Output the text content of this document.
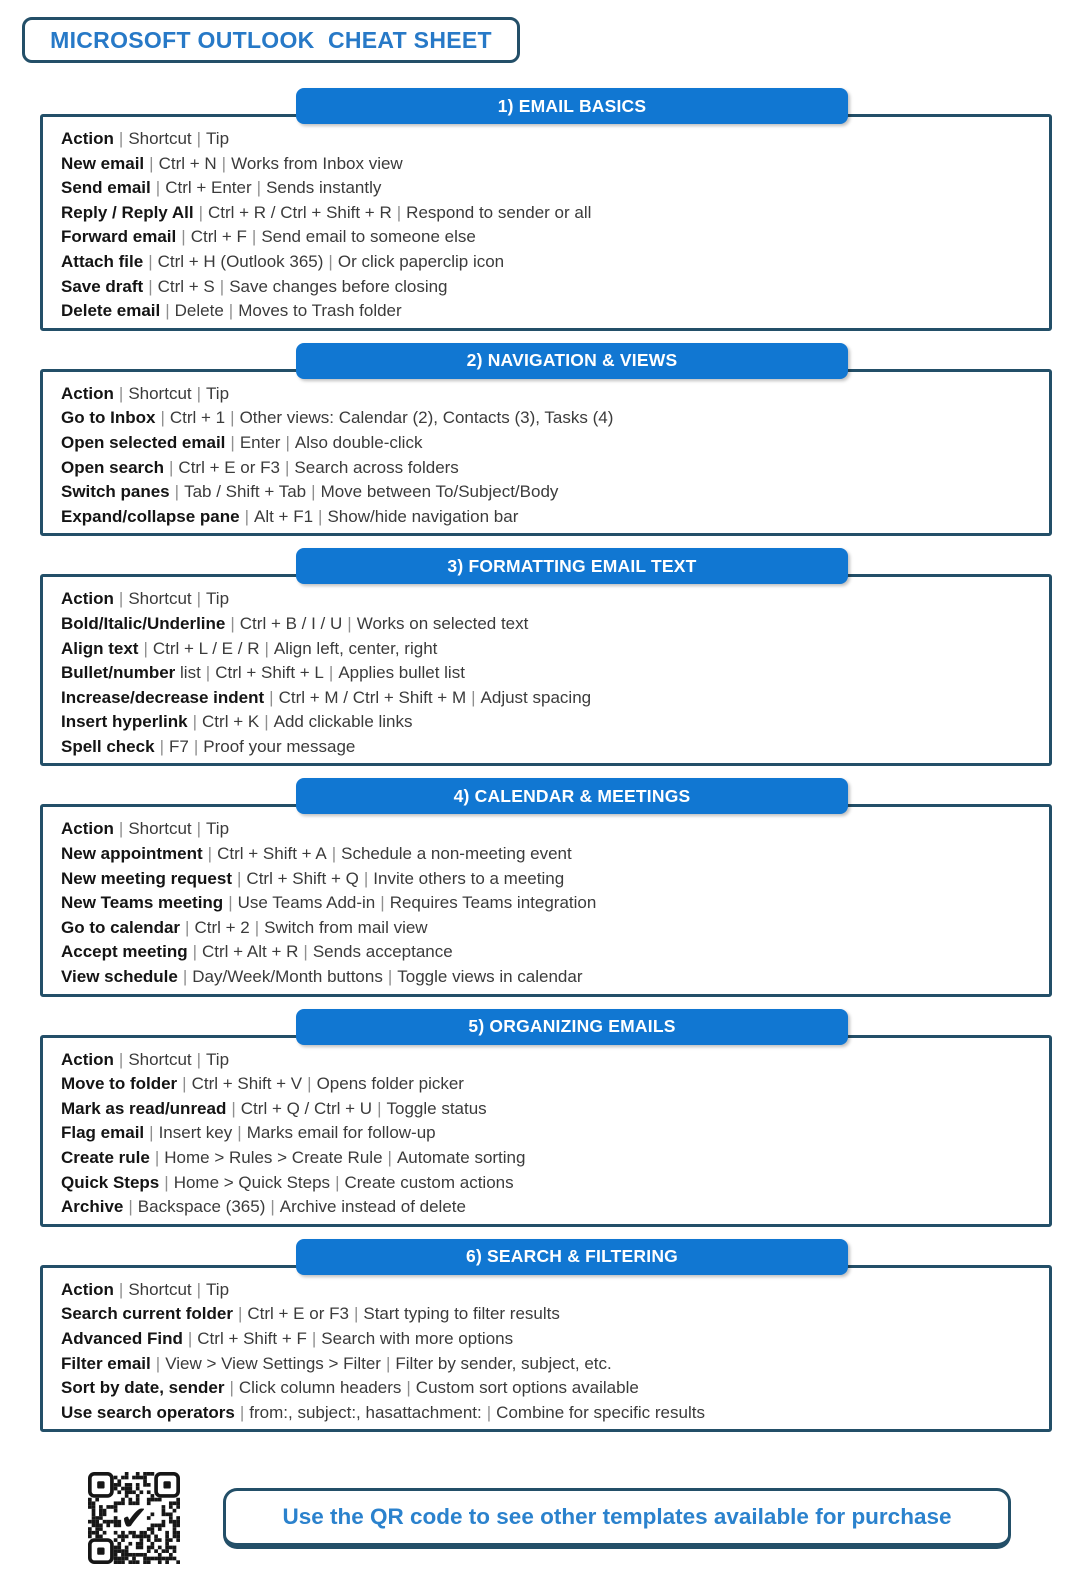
MICROSOFT OUTLOOK  CHEAT SHEET
1) EMAIL BASICS
Action | Shortcut | Tip
New email | Ctrl + N | Works from Inbox view
Send email | Ctrl + Enter | Sends instantly
Reply / Reply All | Ctrl + R / Ctrl + Shift + R | Respond to sender or all
Forward email | Ctrl + F | Send email to someone else
Attach file | Ctrl + H (Outlook 365) | Or click paperclip icon
Save draft | Ctrl + S | Save changes before closing
Delete email | Delete | Moves to Trash folder
2) NAVIGATION & VIEWS
Action | Shortcut | Tip
Go to Inbox | Ctrl + 1 | Other views: Calendar (2), Contacts (3), Tasks (4)
Open selected email | Enter | Also double-click
Open search | Ctrl + E or F3 | Search across folders
Switch panes | Tab / Shift + Tab | Move between To/Subject/Body
Expand/collapse pane | Alt + F1 | Show/hide navigation bar
3) FORMATTING EMAIL TEXT
Action | Shortcut | Tip
Bold/Italic/Underline | Ctrl + B / I / U | Works on selected text
Align text | Ctrl + L / E / R | Align left, center, right
Bullet/number list | Ctrl + Shift + L | Applies bullet list
Increase/decrease indent | Ctrl + M / Ctrl + Shift + M | Adjust spacing
Insert hyperlink | Ctrl + K | Add clickable links
Spell check | F7 | Proof your message
4) CALENDAR & MEETINGS
Action | Shortcut | Tip
New appointment | Ctrl + Shift + A | Schedule a non-meeting event
New meeting request | Ctrl + Shift + Q | Invite others to a meeting
New Teams meeting | Use Teams Add-in | Requires Teams integration
Go to calendar | Ctrl + 2 | Switch from mail view
Accept meeting | Ctrl + Alt + R | Sends acceptance
View schedule | Day/Week/Month buttons | Toggle views in calendar
5) ORGANIZING EMAILS
Action | Shortcut | Tip
Move to folder | Ctrl + Shift + V | Opens folder picker
Mark as read/unread | Ctrl + Q / Ctrl + U | Toggle status
Flag email | Insert key | Marks email for follow-up
Create rule | Home > Rules > Create Rule | Automate sorting
Quick Steps | Home > Quick Steps | Create custom actions
Archive | Backspace (365) | Archive instead of delete
6) SEARCH & FILTERING
Action | Shortcut | Tip
Search current folder | Ctrl + E or F3 | Start typing to filter results
Advanced Find | Ctrl + Shift + F | Search with more options
Filter email | View > View Settings > Filter | Filter by sender, subject, etc.
Sort by date, sender | Click column headers | Custom sort options available
Use search operators | from:, subject:, hasattachment: | Combine for specific results
✔	Use the QR code to see other templates available for purchase
